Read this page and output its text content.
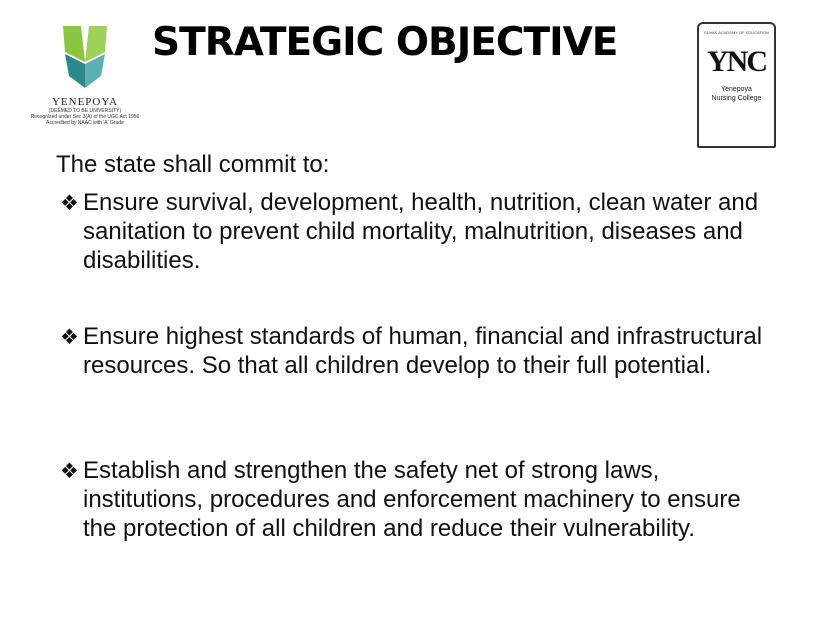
YENEPOYA
(DEEMED TO BE UNIVERSITY)
Recognized under Sec 3(A) of the UGC Act 1956
Accredited by NAAC with 'A' Grade
STRATEGIC OBJECTIVE	SUVAS ACADEMY OF EDUCATION
YNC
Yenepoya
Nursing College
The state shall commit to:
❖ Ensure survival, development, health, nutrition, clean water and sanitation to prevent child mortality, malnutrition, diseases and disabilities.
❖ Ensure highest standards of human, financial and infrastructural resources. So that all children develop to their full potential.
❖ Establish and strengthen the safety net of strong laws, institutions, procedures and enforcement machinery to ensure the protection of all children and reduce their vulnerability.
